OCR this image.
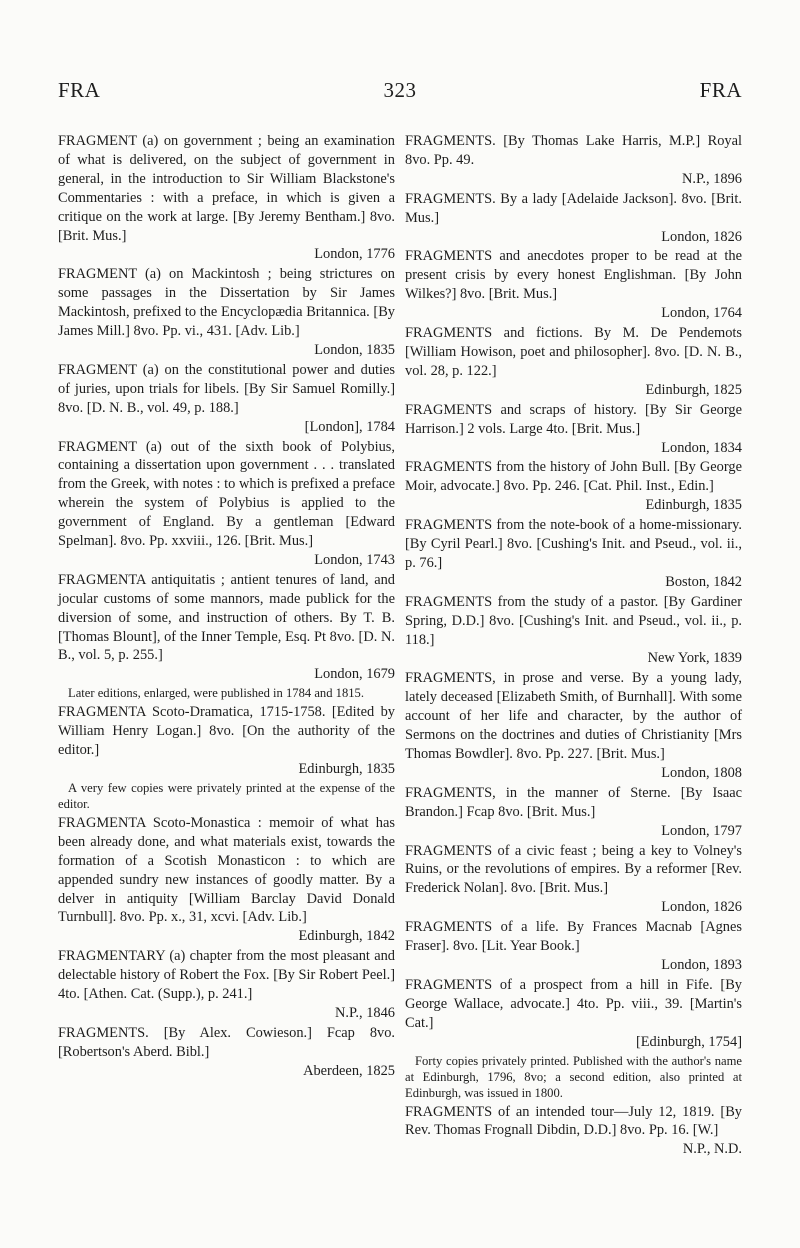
FRA	323	FRA

FRAGMENT (a) on government ; being an examination of what is delivered, on the subject of government in general, in the introduction to Sir William Blackstone's Commentaries : with a preface, in which is given a critique on the work at large. [By Jeremy Bentham.] 8vo. [Brit. Mus.]

London, 1776

FRAGMENT (a) on Mackintosh ; being strictures on some passages in the Dissertation by Sir James Mackintosh, prefixed to the Encyclopædia Britannica. [By James Mill.] 8vo. Pp. vi., 431. [Adv. Lib.]

London, 1835

FRAGMENT (a) on the constitutional power and duties of juries, upon trials for libels. [By Sir Samuel Romilly.] 8vo. [D. N. B., vol. 49, p. 188.]

[London], 1784

FRAGMENT (a) out of the sixth book of Polybius, containing a dissertation upon government . . . translated from the Greek, with notes : to which is prefixed a preface wherein the system of Polybius is applied to the government of England. By a gentleman [Edward Spelman]. 8vo. Pp. xxviii., 126. [Brit. Mus.]

London, 1743

FRAGMENTA antiquitatis ; antient tenures of land, and jocular customs of some mannors, made publick for the diversion of some, and instruction of others. By T. B. [Thomas Blount], of the Inner Temple, Esq. Pt 8vo. [D. N. B., vol. 5, p. 255.]

London, 1679
Later editions, enlarged, were published in 1784 and 1815.

FRAGMENTA Scoto-Dramatica, 1715-1758. [Edited by William Henry Logan.] 8vo. [On the authority of the editor.]

Edinburgh, 1835
A very few copies were privately printed at the expense of the editor.

FRAGMENTA Scoto-Monastica : memoir of what has been already done, and what materials exist, towards the formation of a Scotish Monasticon : to which are appended sundry new instances of goodly matter. By a delver in antiquity [William Barclay David Donald Turnbull]. 8vo. Pp. x., 31, xcvi. [Adv. Lib.]

Edinburgh, 1842

FRAGMENTARY (a) chapter from the most pleasant and delectable history of Robert the Fox. [By Sir Robert Peel.] 4to. [Athen. Cat. (Supp.), p. 241.]

N.P., 1846

FRAGMENTS. [By Alex. Cowieson.] Fcap 8vo. [Robertson's Aberd. Bibl.]

Aberdeen, 1825

FRAGMENTS. [By Thomas Lake Harris, M.P.] Royal 8vo. Pp. 49.

N.P., 1896

FRAGMENTS. By a lady [Adelaide Jackson]. 8vo. [Brit. Mus.]

London, 1826

FRAGMENTS and anecdotes proper to be read at the present crisis by every honest Englishman. [By John Wilkes?] 8vo. [Brit. Mus.]

London, 1764

FRAGMENTS and fictions. By M. De Pendemots [William Howison, poet and philosopher]. 8vo. [D. N. B., vol. 28, p. 122.]

Edinburgh, 1825

FRAGMENTS and scraps of history. [By Sir George Harrison.] 2 vols. Large 4to. [Brit. Mus.]

London, 1834

FRAGMENTS from the history of John Bull. [By George Moir, advocate.] 8vo. Pp. 246. [Cat. Phil. Inst., Edin.]

Edinburgh, 1835

FRAGMENTS from the note-book of a home-missionary. [By Cyril Pearl.] 8vo. [Cushing's Init. and Pseud., vol. ii., p. 76.]

Boston, 1842

FRAGMENTS from the study of a pastor. [By Gardiner Spring, D.D.] 8vo. [Cushing's Init. and Pseud., vol. ii., p. 118.]

New York, 1839

FRAGMENTS, in prose and verse. By a young lady, lately deceased [Elizabeth Smith, of Burnhall]. With some account of her life and character, by the author of Sermons on the doctrines and duties of Christianity [Mrs Thomas Bowdler]. 8vo. Pp. 227. [Brit. Mus.]

London, 1808

FRAGMENTS, in the manner of Sterne. [By Isaac Brandon.] Fcap 8vo. [Brit. Mus.]

London, 1797

FRAGMENTS of a civic feast ; being a key to Volney's Ruins, or the revolutions of empires. By a reformer [Rev. Frederick Nolan]. 8vo. [Brit. Mus.]

London, 1826

FRAGMENTS of a life. By Frances Macnab [Agnes Fraser]. 8vo. [Lit. Year Book.]

London, 1893

FRAGMENTS of a prospect from a hill in Fife. [By George Wallace, advocate.] 4to. Pp. viii., 39. [Martin's Cat.]

[Edinburgh, 1754]
Forty copies privately printed. Published with the author's name at Edinburgh, 1796, 8vo; a second edition, also printed at Edinburgh, was issued in 1800.

FRAGMENTS of an intended tour—July 12, 1819. [By Rev. Thomas Frognall Dibdin, D.D.] 8vo. Pp. 16. [W.]

N.P., N.D.
